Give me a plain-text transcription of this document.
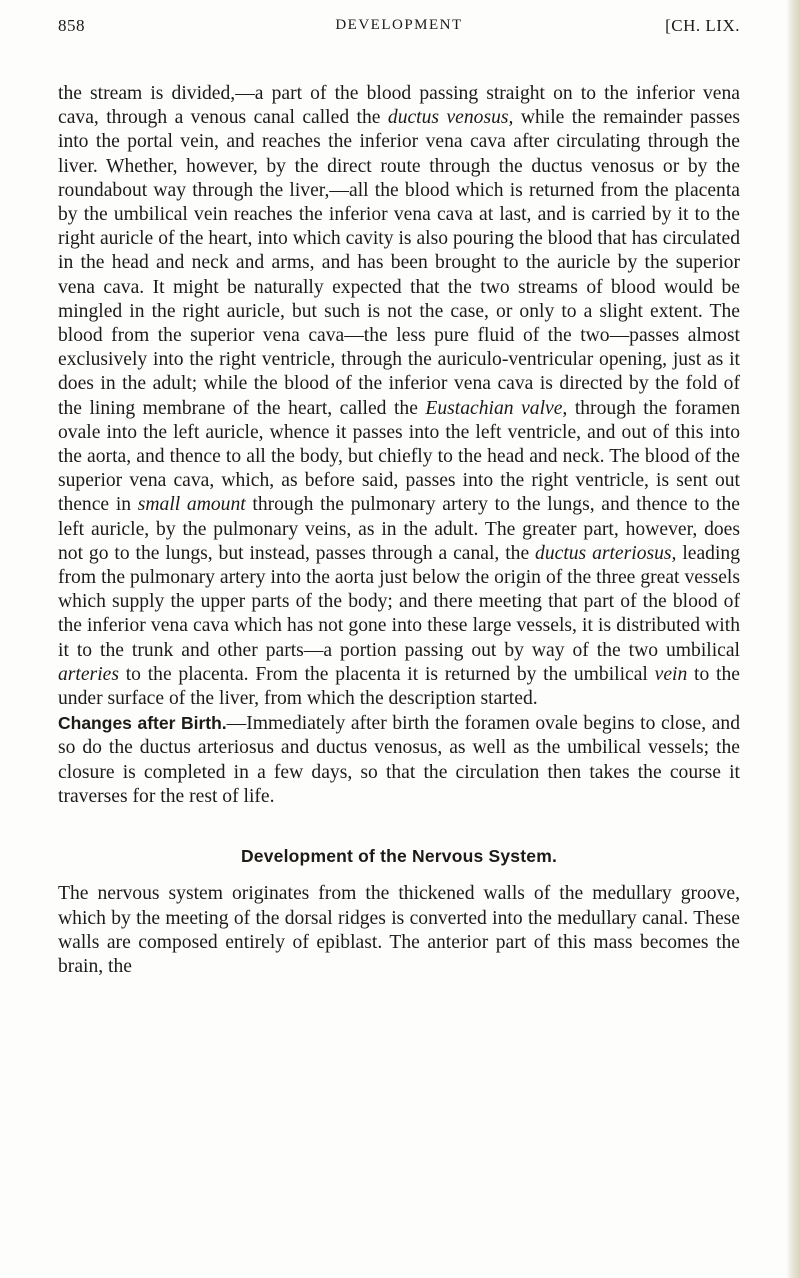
858	DEVELOPMENT	[CH. LIX.

the stream is divided,—a part of the blood passing straight on to the inferior vena cava, through a venous canal called the ductus venosus, while the remainder passes into the portal vein, and reaches the inferior vena cava after circulating through the liver. Whether, however, by the direct route through the ductus venosus or by the roundabout way through the liver,—all the blood which is returned from the placenta by the umbilical vein reaches the inferior vena cava at last, and is carried by it to the right auricle of the heart, into which cavity is also pouring the blood that has circulated in the head and neck and arms, and has been brought to the auricle by the superior vena cava. It might be naturally expected that the two streams of blood would be mingled in the right auricle, but such is not the case, or only to a slight extent. The blood from the superior vena cava—the less pure fluid of the two—passes almost exclusively into the right ventricle, through the auriculo-ventricular opening, just as it does in the adult; while the blood of the inferior vena cava is directed by the fold of the lining membrane of the heart, called the Eustachian valve, through the foramen ovale into the left auricle, whence it passes into the left ventricle, and out of this into the aorta, and thence to all the body, but chiefly to the head and neck. The blood of the superior vena cava, which, as before said, passes into the right ventricle, is sent out thence in small amount through the pulmonary artery to the lungs, and thence to the left auricle, by the pulmonary veins, as in the adult. The greater part, however, does not go to the lungs, but instead, passes through a canal, the ductus arteriosus, leading from the pulmonary artery into the aorta just below the origin of the three great vessels which supply the upper parts of the body; and there meeting that part of the blood of the inferior vena cava which has not gone into these large vessels, it is distributed with it to the trunk and other parts—a portion passing out by way of the two umbilical arteries to the placenta. From the placenta it is returned by the umbilical vein to the under surface of the liver, from which the description started.

Changes after Birth.—Immediately after birth the foramen ovale begins to close, and so do the ductus arteriosus and ductus venosus, as well as the umbilical vessels; the closure is completed in a few days, so that the circulation then takes the course it traverses for the rest of life.

Development of the Nervous System.

The nervous system originates from the thickened walls of the medullary groove, which by the meeting of the dorsal ridges is converted into the medullary canal. These walls are composed entirely of epiblast. The anterior part of this mass becomes the brain, the
